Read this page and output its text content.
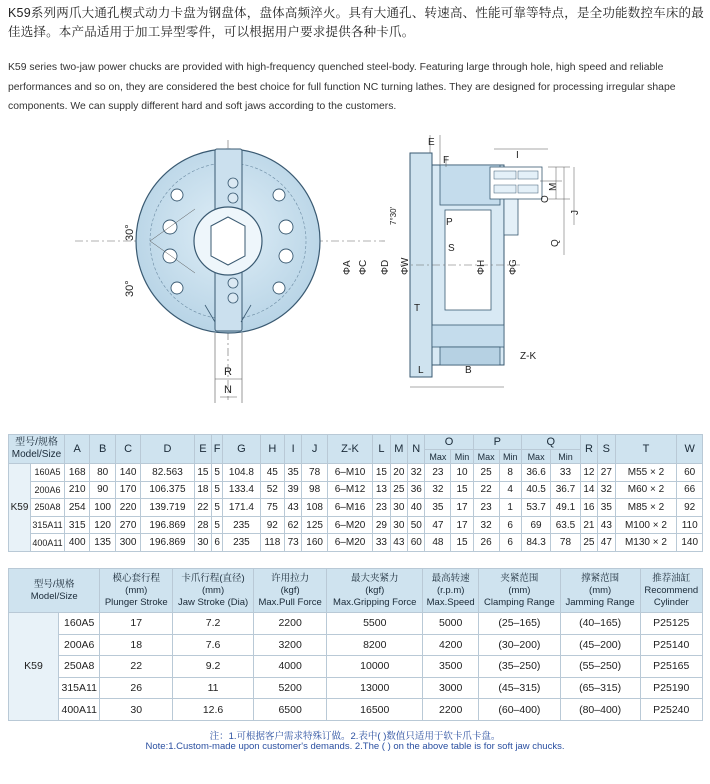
K59系列两爪大通孔楔式动力卡盘为钢盘体，盘体高频淬火。具有大通孔、转速高、性能可靠等特点，是全功能数控车床的最佳选择。本产品适用于加工异型零件，可以根据用户要求提供各种卡爪。

K59 series two-jaw power chucks are provided with high-frequency quenched steel-body. Featuring large through hole, high speed and reliable performances and so on, they are considered the best choice for full function NC turning lathes. They are designed for processing irregular shape components. We can supply different hard and soft jaws according to the customers.

30°
30°
R
N
E
F	I
O
M
J
Q
P
S
T
L	B
Z-K
7°30'
ΦA ΦC ΦD ΦW	ΦH ΦG
型号/规格
Model/Size		A	B	C	D	E	F	G	H	I	J	Z-K	L	M	N	O		P		Q		R	S	T	W
																Max	Min	Max	Min	Max	Min				
K59	160A5	168	80	140	82.563	15	5	104.8	45	35	78	6–M10	15	20	32	23	10	25	8	36.6	33	12	27	M55 × 2	60
	200A6	210	90	170	106.375	18	5	133.4	52	39	98	6–M12	13	25	36	32	15	22	4	40.5	36.7	14	32	M60 × 2	66
	250A8	254	100	220	139.719	22	5	171.4	75	43	108	6–M16	23	30	40	35	17	23	1	53.7	49.1	16	35	M85 × 2	92
	315A11	315	120	270	196.869	28	5	235	92	62	125	6–M20	29	30	50	47	17	32	6	69	63.5	21	43	M100 × 2	110
	400A11	400	135	300	196.869	30	6	235	118	73	160	6–M20	33	43	60	48	15	26	6	84.3	78	25	47	M130 × 2	140
型号/规格
Model/Size		模心套行程
(mm)
Plunger Stroke	卡爪行程(直径)
(mm)
Jaw Stroke (Dia)	许用拉力
(kgf)
Max.Pull Force	最大夹紧力
(kgf)
Max.Gripping Force	最高转速
(r.p.m)
Max.Speed	夹紧范围
(mm)
Clamping Range	撑紧范围
(mm)
Jamming Range	推荐油缸
Recommend
Cylinder
K59	160A5	17	7.2	2200	5500	5000	(25–165)	(40–165)	P25125
	200A6	18	7.6	3200	8200	4200	(30–200)	(45–200)	P25140
	250A8	22	9.2	4000	10000	3500	(35–250)	(55–250)	P25165
	315A11	26	11	5200	13000	3000	(45–315)	(65–315)	P25190
	400A11	30	12.6	6500	16500	2200	(60–400)	(80–400)	P25240
注：1.可根据客户需求特殊订做。2.表中( )数值只适用于软卡爪卡盘。
Note:1.Custom-made upon customer's demands. 2.The ( ) on the above table is for soft jaw chucks.
